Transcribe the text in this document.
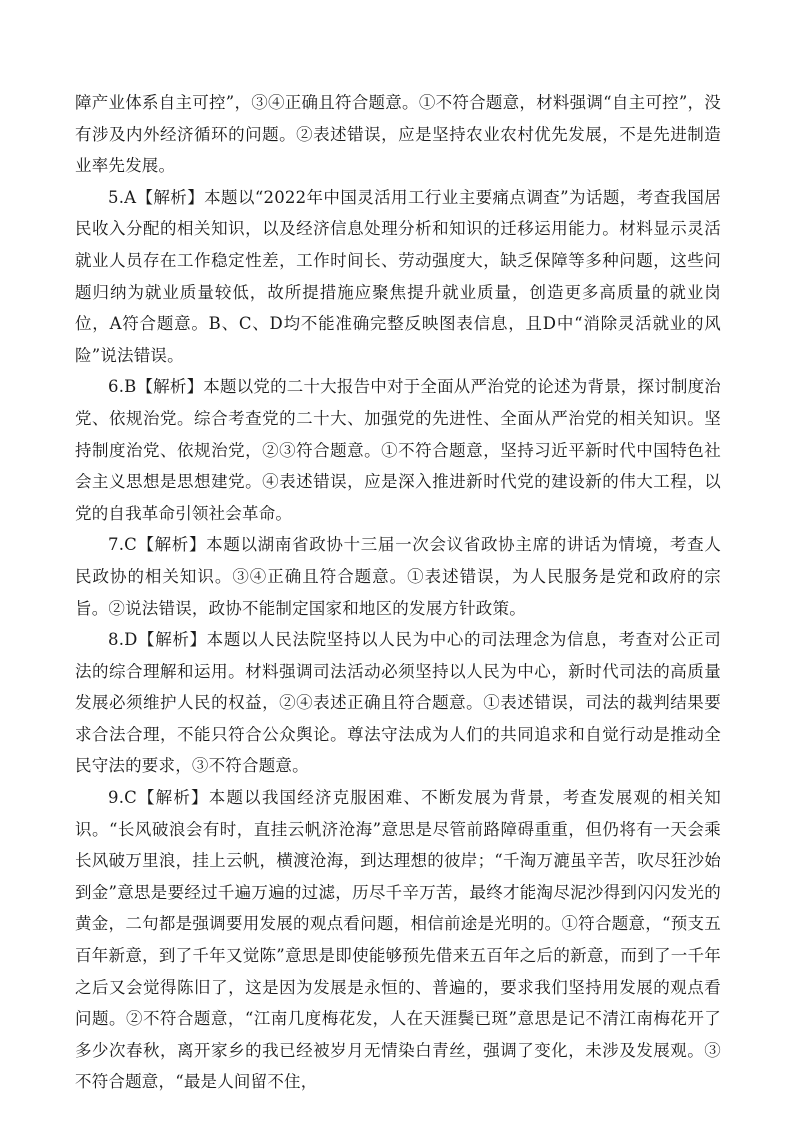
障产业体系自主可控”，③④正确且符合题意。①不符合题意，材料强调“自主可控”，没有涉及内外经济循环的问题。②表述错误，应是坚持农业农村优先发展，不是先进制造业率先发展。

5.A【解析】本题以“2022年中国灵活用工行业主要痛点调查”为话题，考查我国居民收入分配的相关知识，以及经济信息处理分析和知识的迁移运用能力。材料显示灵活就业人员存在工作稳定性差，工作时间长、劳动强度大，缺乏保障等多种问题，这些问题归纳为就业质量较低，故所提措施应聚焦提升就业质量，创造更多高质量的就业岗位，A符合题意。B、C、D均不能准确完整反映图表信息，且D中“消除灵活就业的风险”说法错误。

6.B【解析】本题以党的二十大报告中对于全面从严治党的论述为背景，探讨制度治党、依规治党。综合考查党的二十大、加强党的先进性、全面从严治党的相关知识。坚持制度治党、依规治党，②③符合题意。①不符合题意，坚持习近平新时代中国特色社会主义思想是思想建党。④表述错误，应是深入推进新时代党的建设新的伟大工程，以党的自我革命引领社会革命。

7.C【解析】本题以湖南省政协十三届一次会议省政协主席的讲话为情境，考查人民政协的相关知识。③④正确且符合题意。①表述错误，为人民服务是党和政府的宗旨。②说法错误，政协不能制定国家和地区的发展方针政策。

8.D【解析】本题以人民法院坚持以人民为中心的司法理念为信息，考查对公正司法的综合理解和运用。材料强调司法活动必须坚持以人民为中心，新时代司法的高质量发展必须维护人民的权益，②④表述正确且符合题意。①表述错误，司法的裁判结果要求合法合理，不能只符合公众舆论。尊法守法成为人们的共同追求和自觉行动是推动全民守法的要求，③不符合题意。

9.C【解析】本题以我国经济克服困难、不断发展为背景，考查发展观的相关知识。“长风破浪会有时，直挂云帆济沧海”意思是尽管前路障碍重重，但仍将有一天会乘长风破万里浪，挂上云帆，横渡沧海，到达理想的彼岸；“千淘万漉虽辛苦，吹尽狂沙始到金”意思是要经过千遍万遍的过滤，历尽千辛万苦，最终才能淘尽泥沙得到闪闪发光的黄金，二句都是强调要用发展的观点看问题，相信前途是光明的。①符合题意，“预支五百年新意，到了千年又觉陈”意思是即使能够预先借来五百年之后的新意，而到了一千年之后又会觉得陈旧了，这是因为发展是永恒的、普遍的，要求我们坚持用发展的观点看问题。②不符合题意，“江南几度梅花发，人在天涯鬓已斑”意思是记不清江南梅花开了多少次春秋，离开家乡的我已经被岁月无情染白青丝，强调了变化，未涉及发展观。③不符合题意，“最是人间留不住，
